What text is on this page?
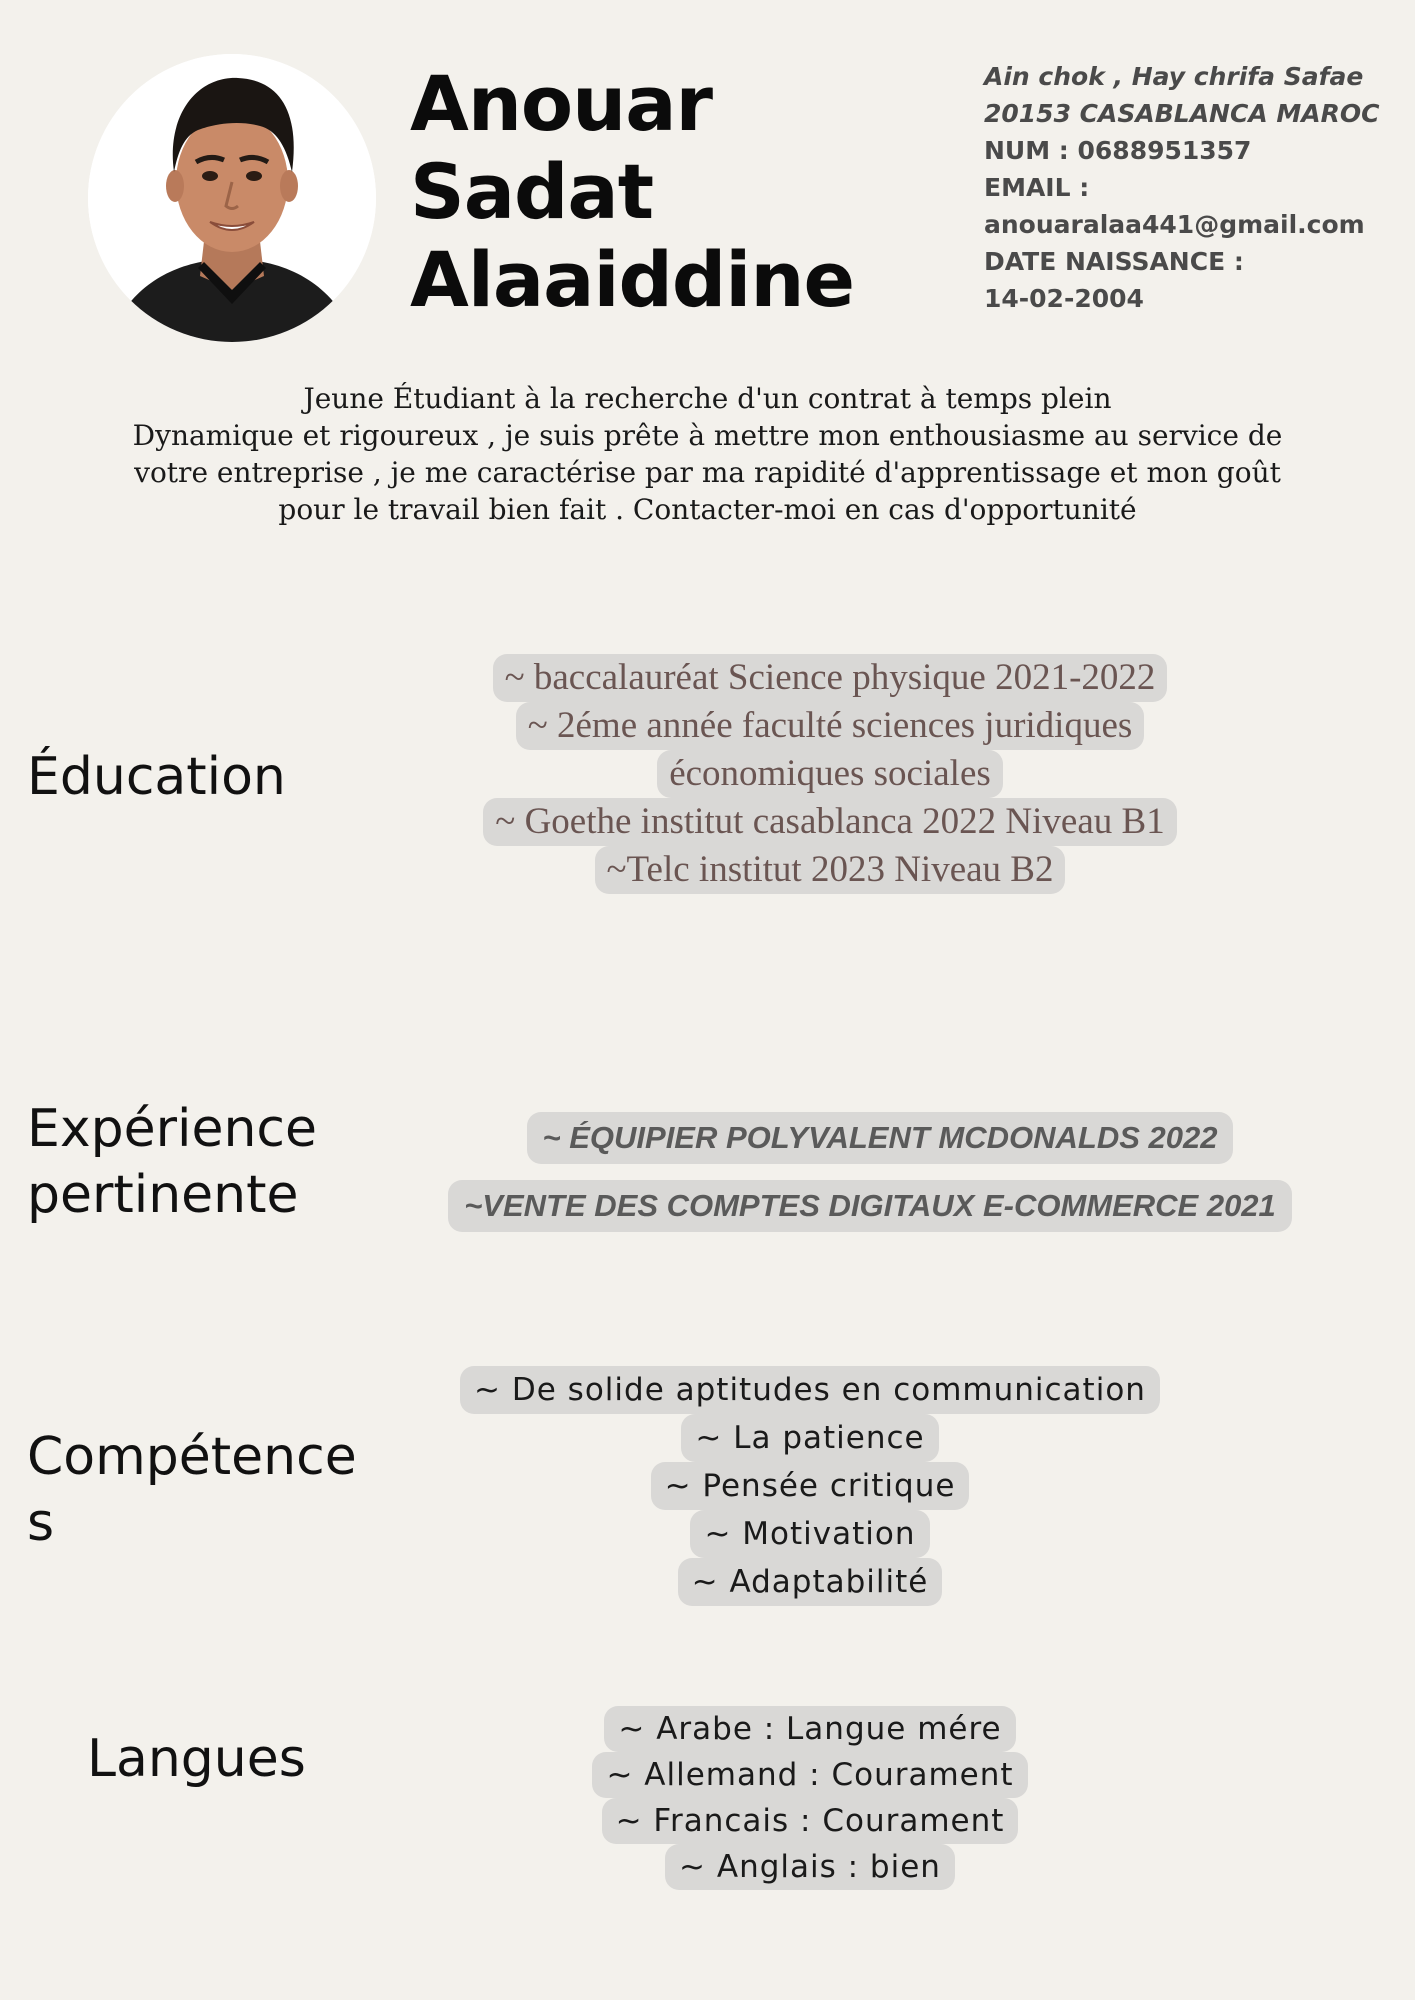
Anouar
Sadat
Alaaiddine
Ain chok , Hay chrifa Safae
20153 CASABLANCA MAROC
NUM : 0688951357
EMAIL :
anouaralaa441@gmail.com
DATE NAISSANCE :
14-02-2004
Jeune Étudiant à la recherche d'un contrat à temps plein
Dynamique et rigoureux , je suis prête à mettre mon enthousiasme au service de
votre entreprise , je me caractérise par ma rapidité d'apprentissage et mon goût
pour le travail bien fait . Contacter-moi en cas d'opportunité
Éducation
~ baccalauréat Science physique 2021-2022
~ 2éme année faculté sciences juridiques
économiques sociales
~ Goethe institut casablanca 2022 Niveau B1
~Telc institut 2023 Niveau B2
Expérience
pertinente
~ ÉQUIPIER POLYVALENT MCDONALDS 2022
~VENTE DES COMPTES DIGITAUX E-COMMERCE 2021
Compétence
s
~ De solide aptitudes en communication
~ La patience
~ Pensée critique
~ Motivation
~ Adaptabilité
Langues	~ Arabe : Langue mére
~ Allemand : Courament
~ Francais : Courament
~ Anglais : bien
